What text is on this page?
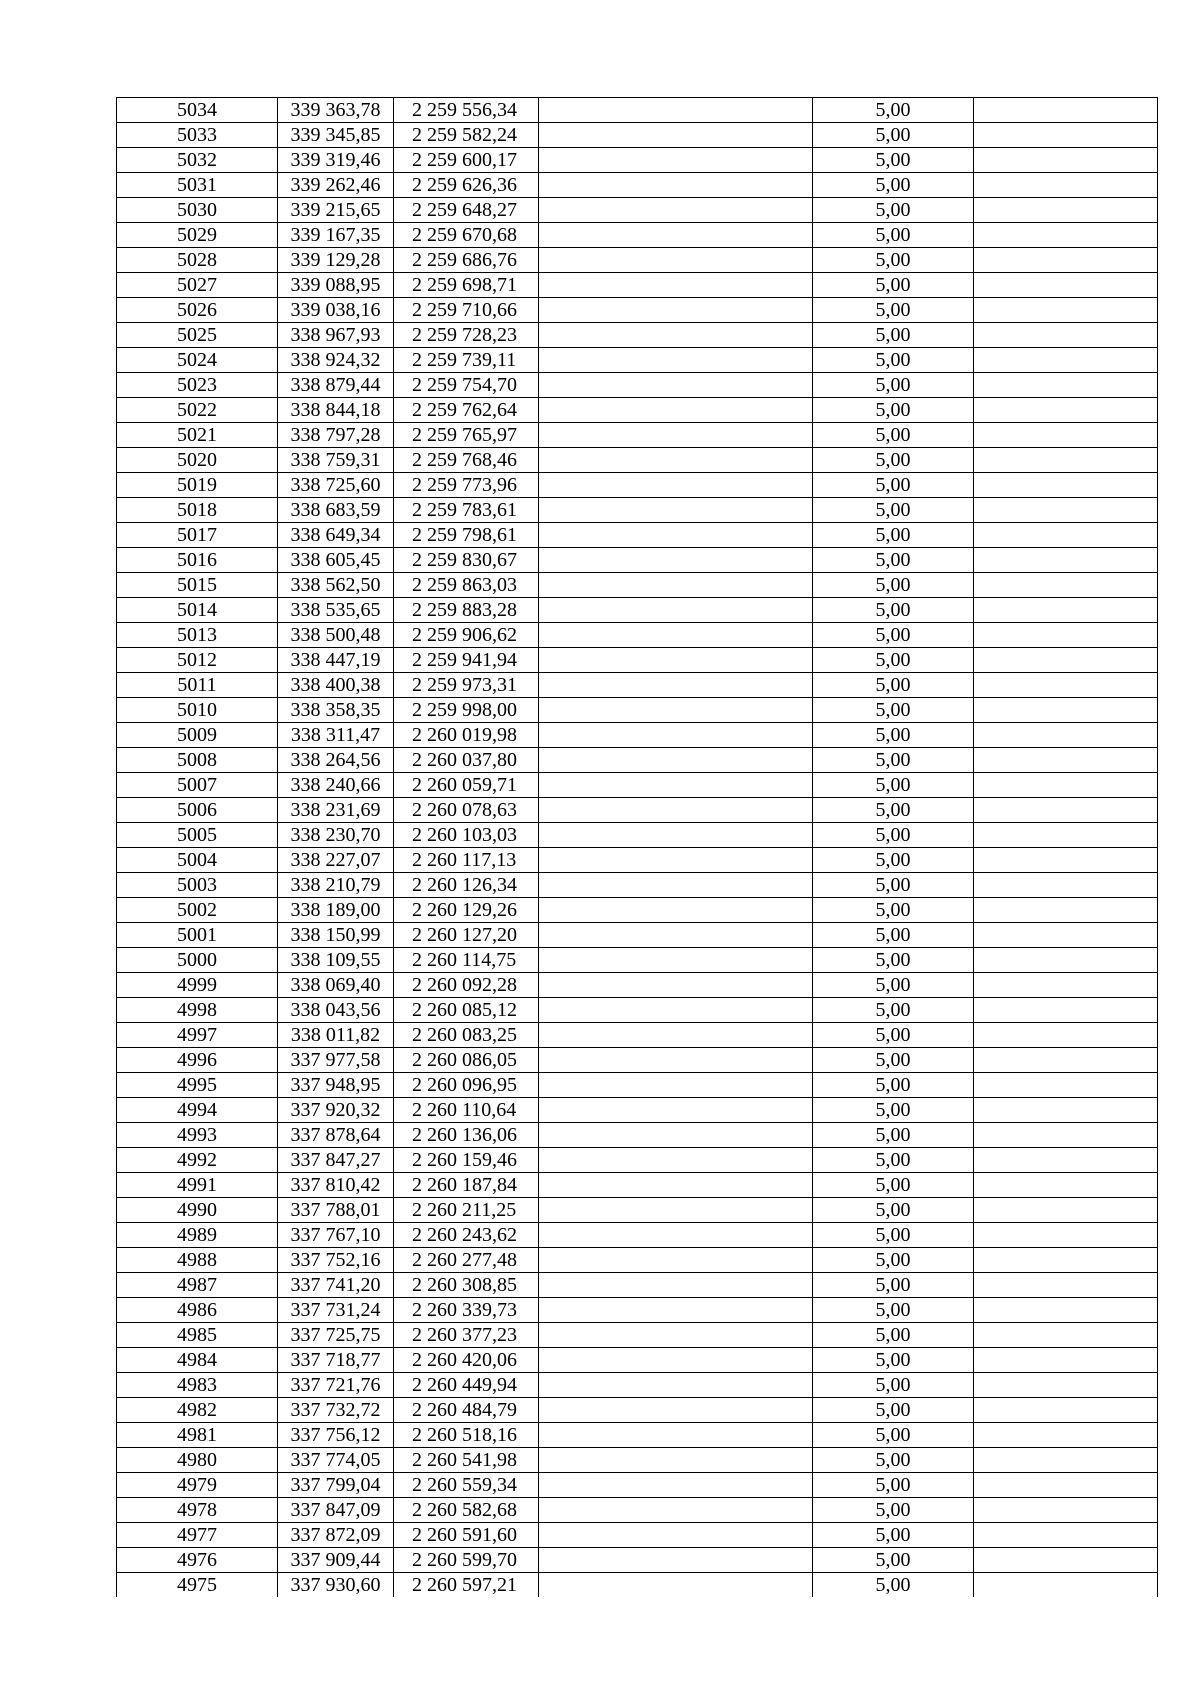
5034	339 363,78	2 259 556,34		5,00	
5033	339 345,85	2 259 582,24		5,00	
5032	339 319,46	2 259 600,17		5,00	
5031	339 262,46	2 259 626,36		5,00	
5030	339 215,65	2 259 648,27		5,00	
5029	339 167,35	2 259 670,68		5,00	
5028	339 129,28	2 259 686,76		5,00	
5027	339 088,95	2 259 698,71		5,00	
5026	339 038,16	2 259 710,66		5,00	
5025	338 967,93	2 259 728,23		5,00	
5024	338 924,32	2 259 739,11		5,00	
5023	338 879,44	2 259 754,70		5,00	
5022	338 844,18	2 259 762,64		5,00	
5021	338 797,28	2 259 765,97		5,00	
5020	338 759,31	2 259 768,46		5,00	
5019	338 725,60	2 259 773,96		5,00	
5018	338 683,59	2 259 783,61		5,00	
5017	338 649,34	2 259 798,61		5,00	
5016	338 605,45	2 259 830,67		5,00	
5015	338 562,50	2 259 863,03		5,00	
5014	338 535,65	2 259 883,28		5,00	
5013	338 500,48	2 259 906,62		5,00	
5012	338 447,19	2 259 941,94		5,00	
5011	338 400,38	2 259 973,31		5,00	
5010	338 358,35	2 259 998,00		5,00	
5009	338 311,47	2 260 019,98		5,00	
5008	338 264,56	2 260 037,80		5,00	
5007	338 240,66	2 260 059,71		5,00	
5006	338 231,69	2 260 078,63		5,00	
5005	338 230,70	2 260 103,03		5,00	
5004	338 227,07	2 260 117,13		5,00	
5003	338 210,79	2 260 126,34		5,00	
5002	338 189,00	2 260 129,26		5,00	
5001	338 150,99	2 260 127,20		5,00	
5000	338 109,55	2 260 114,75		5,00	
4999	338 069,40	2 260 092,28		5,00	
4998	338 043,56	2 260 085,12		5,00	
4997	338 011,82	2 260 083,25		5,00	
4996	337 977,58	2 260 086,05		5,00	
4995	337 948,95	2 260 096,95		5,00	
4994	337 920,32	2 260 110,64		5,00	
4993	337 878,64	2 260 136,06		5,00	
4992	337 847,27	2 260 159,46		5,00	
4991	337 810,42	2 260 187,84		5,00	
4990	337 788,01	2 260 211,25		5,00	
4989	337 767,10	2 260 243,62		5,00	
4988	337 752,16	2 260 277,48		5,00	
4987	337 741,20	2 260 308,85		5,00	
4986	337 731,24	2 260 339,73		5,00	
4985	337 725,75	2 260 377,23		5,00	
4984	337 718,77	2 260 420,06		5,00	
4983	337 721,76	2 260 449,94		5,00	
4982	337 732,72	2 260 484,79		5,00	
4981	337 756,12	2 260 518,16		5,00	
4980	337 774,05	2 260 541,98		5,00	
4979	337 799,04	2 260 559,34		5,00	
4978	337 847,09	2 260 582,68		5,00	
4977	337 872,09	2 260 591,60		5,00	
4976	337 909,44	2 260 599,70		5,00	
4975	337 930,60	2 260 597,21		5,00	
